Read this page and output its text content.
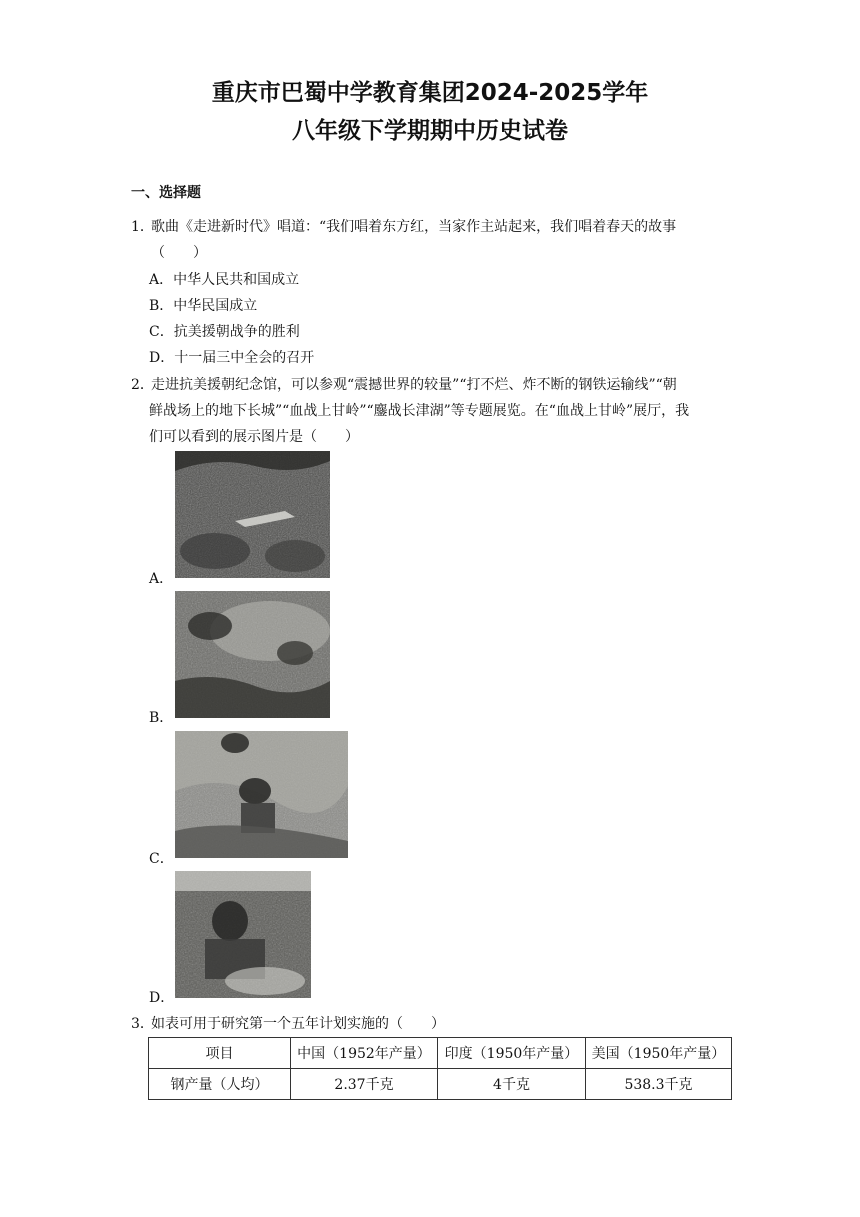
重庆市巴蜀中学教育集团2024-2025学年
八年级下学期期中历史试卷
一、选择题
1．
歌曲《走进新时代》唱道：“我们唱着东方红，当家作主站起来，我们唱着春天的故事
（　　）
A．中华人民共和国成立
B．中华民国成立
C．抗美援朝战争的胜利
D．十一届三中全会的召开
2．
走进抗美援朝纪念馆，可以参观“震撼世界的较量”“打不烂、炸不断的钢铁运输线”“朝
鲜战场上的地下长城”“血战上甘岭”“鏖战长津湖”等专题展览。在“血战上甘岭”展厅，我
们可以看到的展示图片是（　　）
A．
B．
C．
D．
3．
如表可用于研究第一个五年计划实施的（　　）
项目	中国（1952年产量）	印度（1950年产量）	美国（1950年产量）
钢产量（人均）	2.37千克	4千克	538.3千克
